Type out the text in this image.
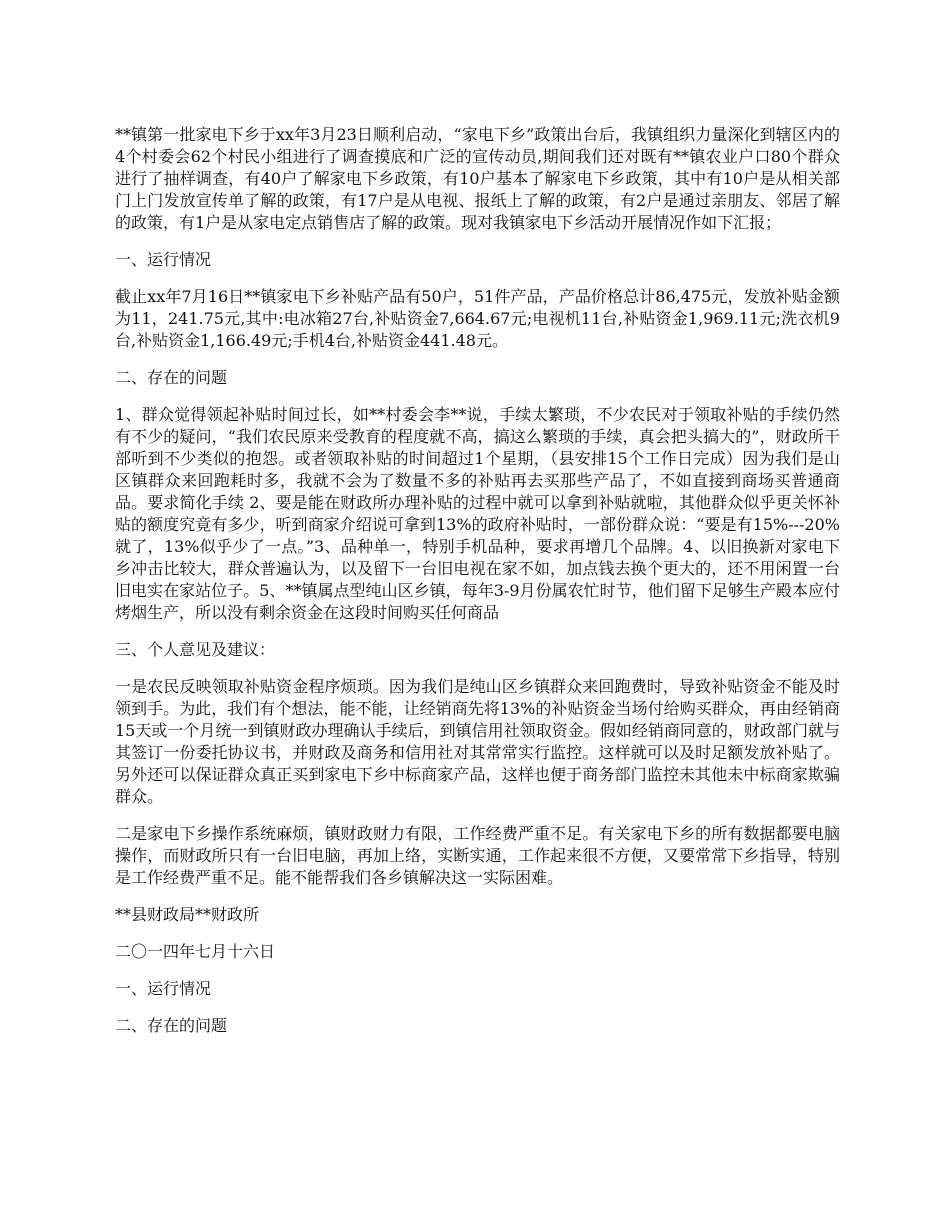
**镇第一批家电下乡于xx年3月23日顺利启动，“家电下乡”政策出台后，我镇组织力量深化到辖区内的4个村委会62个村民小组进行了调查摸底和广泛的宣传动员,期间我们还对既有**镇农业户口80个群众进行了抽样调查，有40户了解家电下乡政策，有10户基本了解家电下乡政策，其中有10户是从相关部门上门发放宣传单了解的政策，有17户是从电视、报纸上了解的政策，有2户是通过亲朋友、邻居了解的政策，有1户是从家电定点销售店了解的政策。现对我镇家电下乡活动开展情况作如下汇报；

一、运行情况

截止xx年7月16日**镇家电下乡补贴产品有50户，51件产品，产品价格总计86,475元，发放补贴金额为11，241.75元,其中:电冰箱27台,补贴资金7,664.67元;电视机11台,补贴资金1,969.11元;洗衣机9台,补贴资金1,166.49元;手机4台,补贴资金441.48元。

二、存在的问题

1、群众觉得领起补贴时间过长，如**村委会李**说，手续太繁琐，不少农民对于领取补贴的手续仍然有不少的疑问，“我们农民原来受教育的程度就不高，搞这么繁琐的手续，真会把头搞大的”，财政所干部听到不少类似的抱怨。或者领取补贴的时间超过1个星期，（县安排15个工作日完成）因为我们是山区镇群众来回跑耗时多，我就不会为了数量不多的补贴再去买那些产品了，不如直接到商场买普通商品。要求简化手续 2、要是能在财政所办理补贴的过程中就可以拿到补贴就啦，其他群众似乎更关怀补贴的额度究竟有多少，听到商家介绍说可拿到13%的政府补贴时，一部份群众说：“要是有15%---20%就了，13%似乎少了一点。”3、品种单一，特别手机品种，要求再增几个品牌。4、以旧换新对家电下乡冲击比较大，群众普遍认为，以及留下一台旧电视在家不如，加点钱去换个更大的，还不用闲置一台旧电实在家站位子。5、**镇属点型纯山区乡镇，每年3-9月份属农忙时节，他们留下足够生产殿本应付烤烟生产，所以没有剩余资金在这段时间购买任何商品

三、个人意见及建议：

一是农民反映领取补贴资金程序烦琐。因为我们是纯山区乡镇群众来回跑费时，导致补贴资金不能及时领到手。为此，我们有个想法，能不能，让经销商先将13%的补贴资金当场付给购买群众，再由经销商15天或一个月统一到镇财政办理确认手续后，到镇信用社领取资金。假如经销商同意的，财政部门就与其签订一份委托协议书，并财政及商务和信用社对其常常实行监控。这样就可以及时足额发放补贴了。另外还可以保证群众真正买到家电下乡中标商家产品，这样也便于商务部门监控未其他未中标商家欺骗群众。

二是家电下乡操作系统麻烦，镇财政财力有限，工作经费严重不足。有关家电下乡的所有数据都要电脑操作，而财政所只有一台旧电脑，再加上络，实断实通，工作起来很不方便，又要常常下乡指导，特别是工作经费严重不足。能不能帮我们各乡镇解决这一实际困难。

**县财政局**财政所

二〇一四年七月十六日

一、运行情况

二、存在的问题
